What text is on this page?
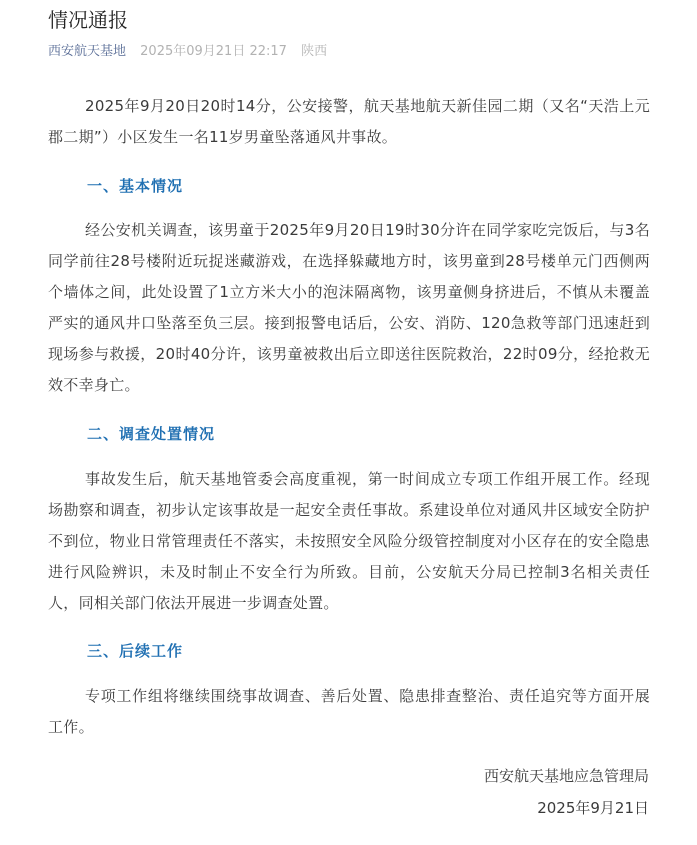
情况通报
西安航天基地 2025年09月21日 22:17 陕西

2025年9月20日20时14分，公安接警，航天基地航天新佳园二期（又名“天浩上元郡二期”）小区发生一名11岁男童坠落通风井事故。

一、基本情况

经公安机关调查，该男童于2025年9月20日19时30分许在同学家吃完饭后，与3名同学前往28号楼附近玩捉迷藏游戏，在选择躲藏地方时，该男童到28号楼单元门西侧两个墙体之间，此处设置了1立方米大小的泡沫隔离物，该男童侧身挤进后，不慎从未覆盖严实的通风井口坠落至负三层。接到报警电话后，公安、消防、120急救等部门迅速赶到现场参与救援，20时40分许，该男童被救出后立即送往医院救治，22时09分，经抢救无效不幸身亡。

二、调查处置情况

事故发生后，航天基地管委会高度重视，第一时间成立专项工作组开展工作。经现场勘察和调查，初步认定该事故是一起安全责任事故。系建设单位对通风井区域安全防护不到位，物业日常管理责任不落实，未按照安全风险分级管控制度对小区存在的安全隐患进行风险辨识，未及时制止不安全行为所致。目前，公安航天分局已控制3名相关责任人，同相关部门依法开展进一步调查处置。

三、后续工作

专项工作组将继续围绕事故调查、善后处置、隐患排查整治、责任追究等方面开展工作。

西安航天基地应急管理局
2025年9月21日
